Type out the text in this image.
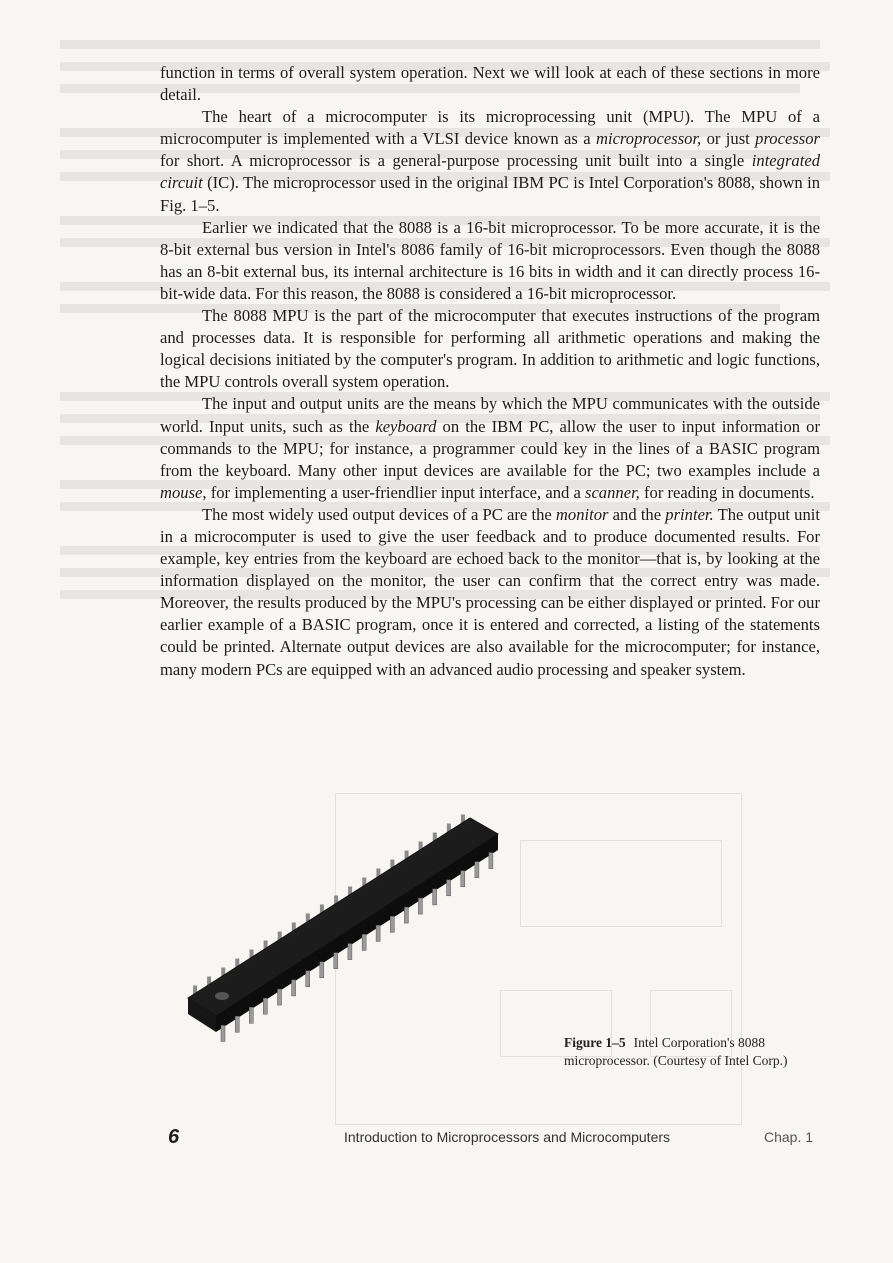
function in terms of overall system operation. Next we will look at each of these sections in more detail.

The heart of a microcomputer is its microprocessing unit (MPU). The MPU of a microcomputer is implemented with a VLSI device known as a microprocessor, or just processor for short. A microprocessor is a general-purpose processing unit built into a single integrated circuit (IC). The microprocessor used in the original IBM PC is Intel Corporation's 8088, shown in Fig. 1–5.

Earlier we indicated that the 8088 is a 16-bit microprocessor. To be more accurate, it is the 8-bit external bus version in Intel's 8086 family of 16-bit microprocessors. Even though the 8088 has an 8-bit external bus, its internal architecture is 16 bits in width and it can directly process 16-bit-wide data. For this reason, the 8088 is considered a 16-bit microprocessor.

The 8088 MPU is the part of the microcomputer that executes instructions of the program and processes data. It is responsible for performing all arithmetic operations and making the logical decisions initiated by the computer's program. In addition to arithmetic and logic functions, the MPU controls overall system operation.

The input and output units are the means by which the MPU communicates with the outside world. Input units, such as the keyboard on the IBM PC, allow the user to input information or commands to the MPU; for instance, a programmer could key in the lines of a BASIC program from the keyboard. Many other input devices are available for the PC; two examples include a mouse, for implementing a user-friendlier input interface, and a scanner, for reading in documents.

The most widely used output devices of a PC are the monitor and the printer. The output unit in a microcomputer is used to give the user feedback and to produce documented results. For example, key entries from the keyboard are echoed back to the monitor—that is, by looking at the information displayed on the monitor, the user can confirm that the correct entry was made. Moreover, the results produced by the MPU's processing can be either displayed or printed. For our earlier example of a BASIC program, once it is entered and corrected, a listing of the statements could be printed. Alternate output devices are also available for the microcomputer; for instance, many modern PCs are equipped with an advanced audio processing and speaker system.

Figure 1–5 Intel Corporation's 8088 microprocessor. (Courtesy of Intel Corp.)
6	Introduction to Microprocessors and Microcomputers	Chap. 1
